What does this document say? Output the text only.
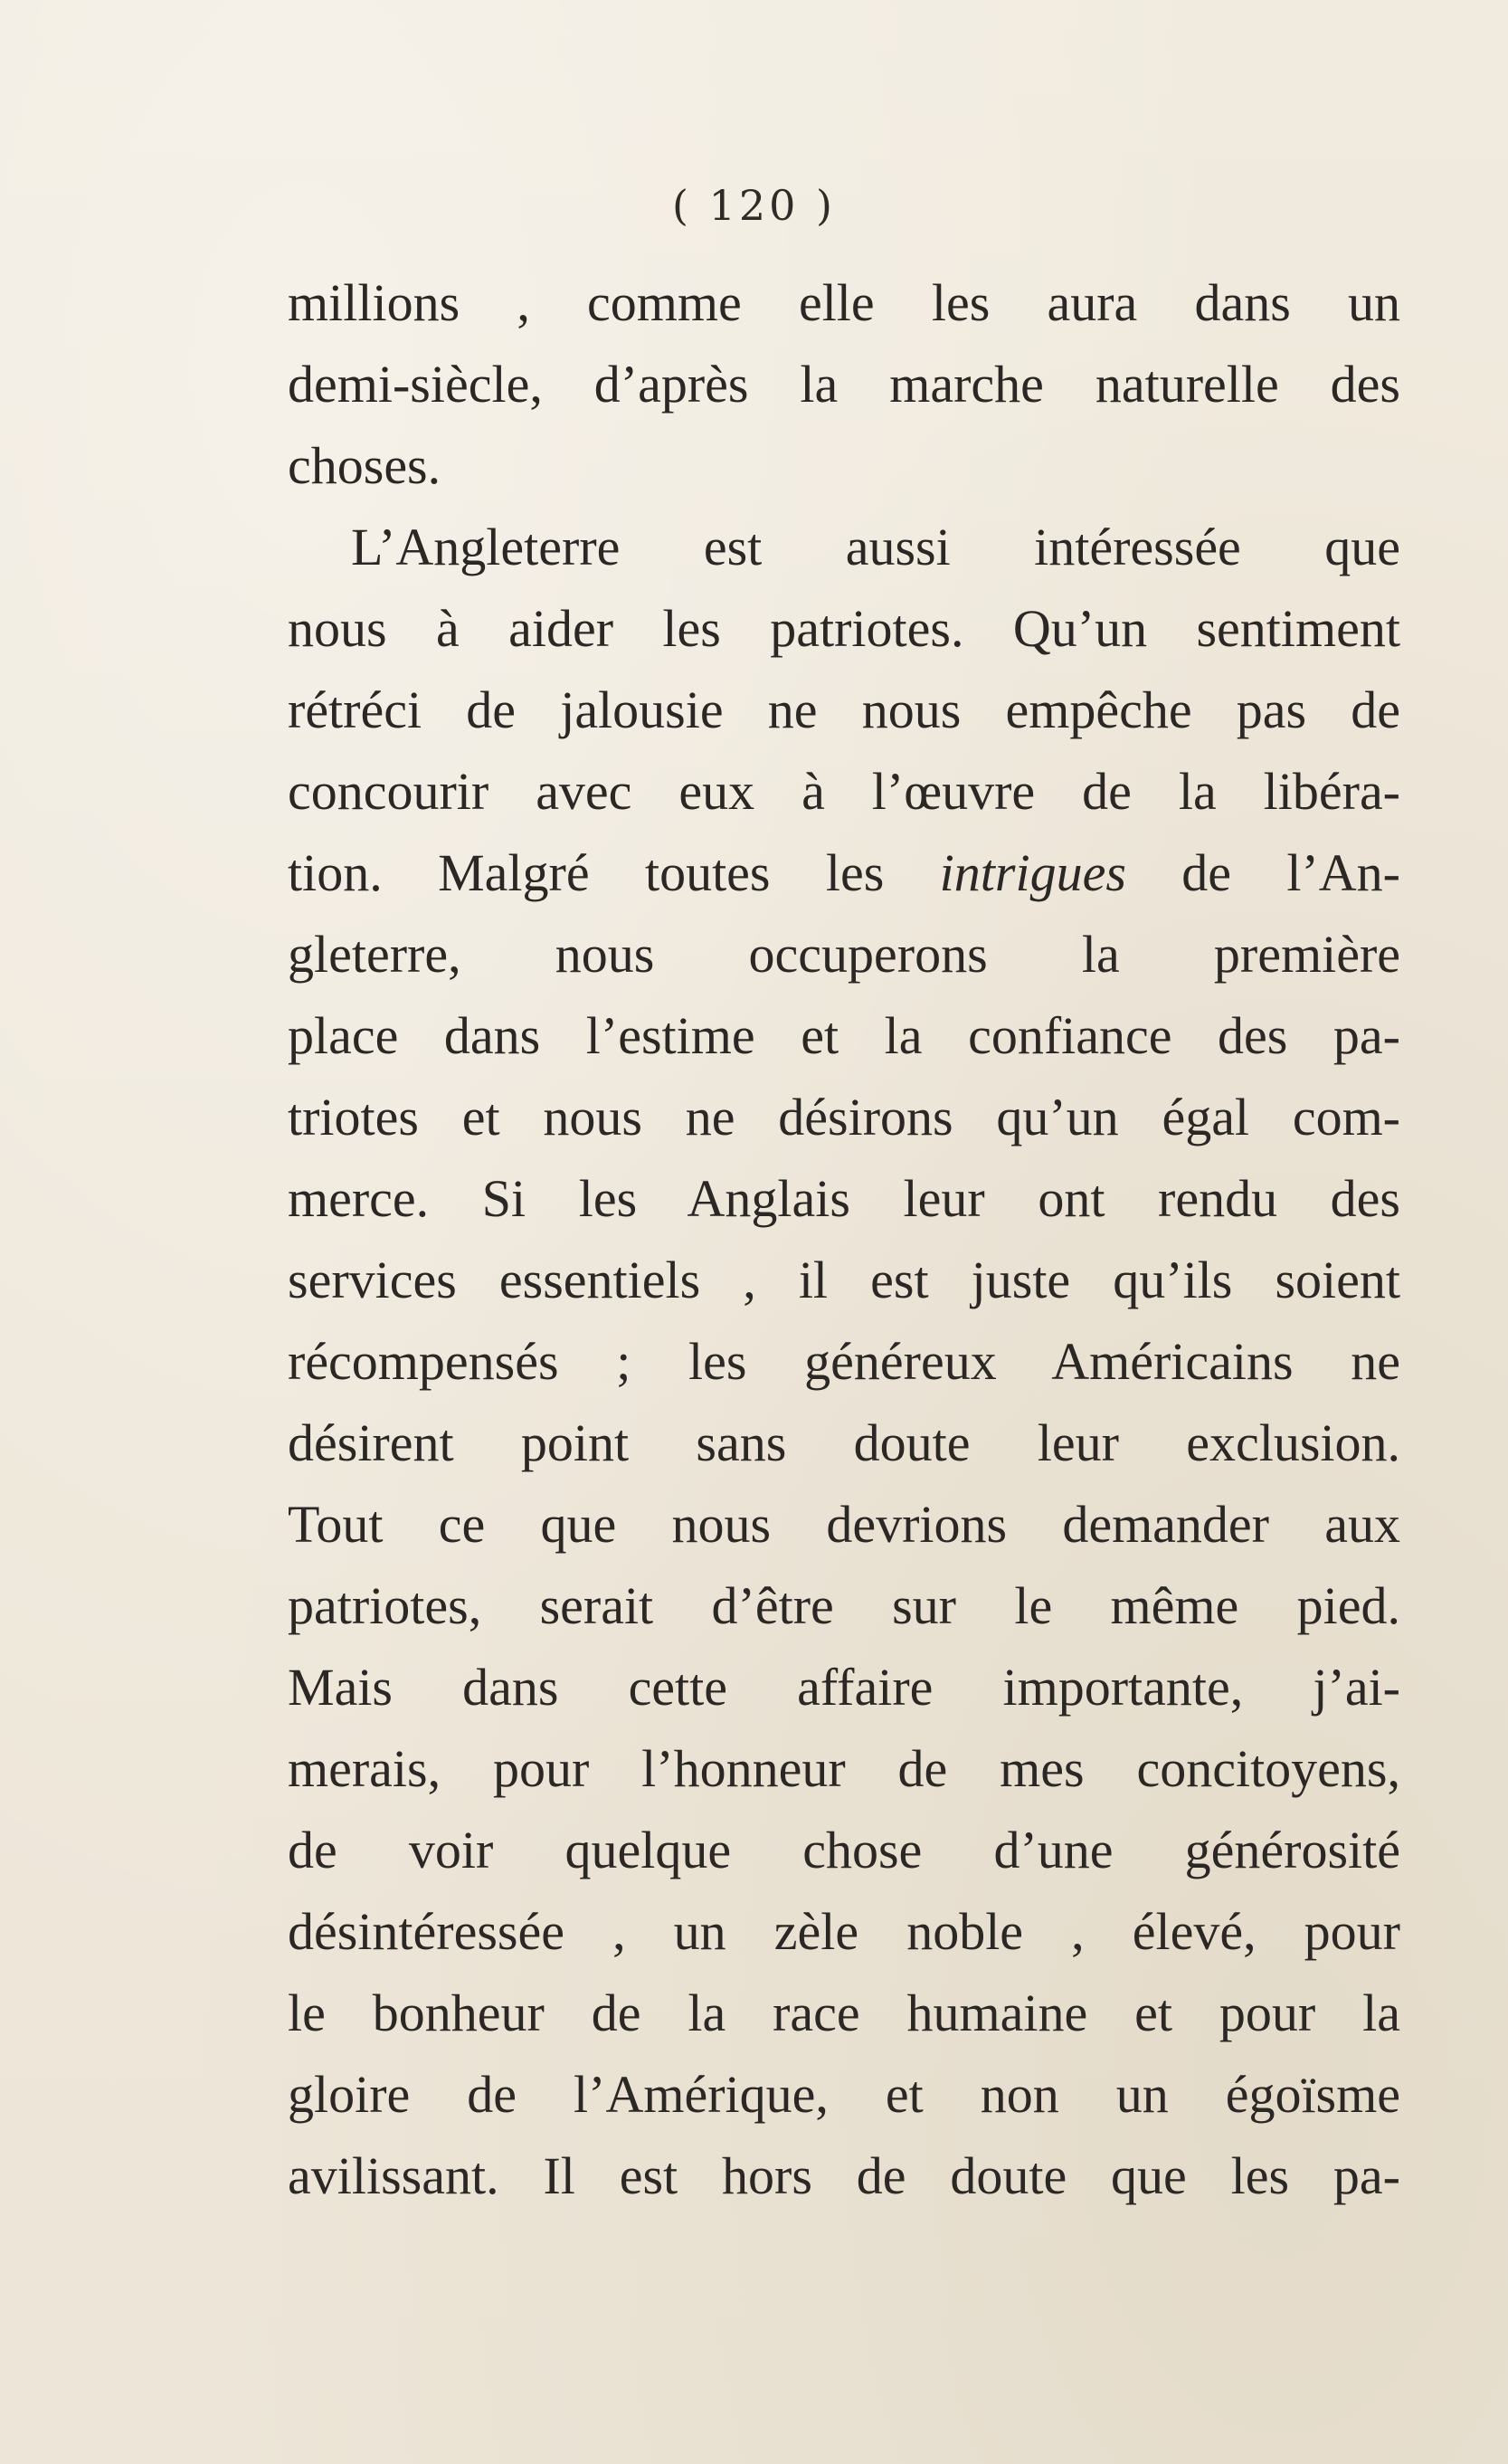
( 120 )
millions , comme elle les aura dans un
demi-siècle, d’après la marche naturelle des
choses.
L’Angleterre est aussi intéressée que
nous à aider les patriotes. Qu’un sentiment
rétréci de jalousie ne nous empêche pas de
concourir avec eux à l’œuvre de la libéra-
tion. Malgré toutes les intrigues de l’An-
gleterre, nous occuperons la première
place dans l’estime et la confiance des pa-
triotes et nous ne désirons qu’un égal com-
merce. Si les Anglais leur ont rendu des
services essentiels , il est juste qu’ils soient
récompensés ; les généreux Américains ne
désirent point sans doute leur exclusion.
Tout ce que nous devrions demander aux
patriotes, serait d’être sur le même pied.
Mais dans cette affaire importante, j’ai-
merais, pour l’honneur de mes concitoyens,
de voir quelque chose d’une générosité
désintéressée , un zèle noble , élevé, pour
le bonheur de la race humaine et pour la
gloire de l’Amérique, et non un égoïsme
avilissant. Il est hors de doute que les pa-
